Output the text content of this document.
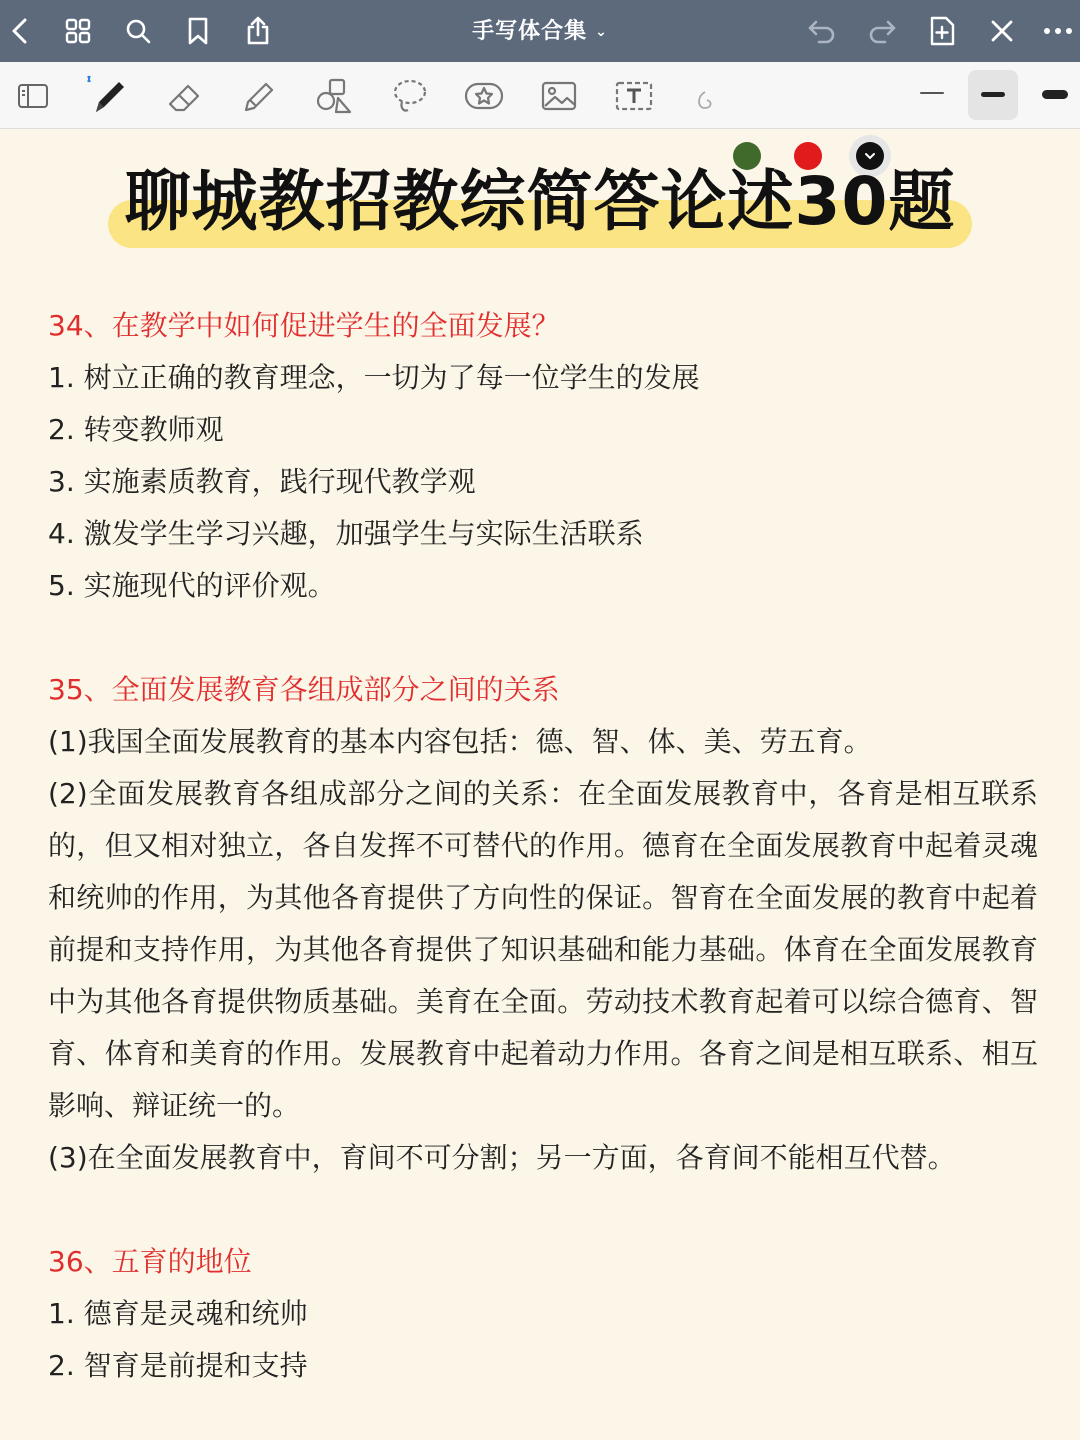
手写体合集 ⌄
聊城教招教综简答论述30题
34、在教学中如何促进学生的全面发展？
1. 树立正确的教育理念，一切为了每一位学生的发展
2. 转变教师观
3. 实施素质教育，践行现代教学观
4. 激发学生学习兴趣，加强学生与实际生活联系
5. 实施现代的评价观。
35、全面发展教育各组成部分之间的关系
(1)我国全面发展教育的基本内容包括：德、智、体、美、劳五育。
(2)全面发展教育各组成部分之间的关系：在全面发展教育中，各育是相互联系的，但又相对独立，各自发挥不可替代的作用。德育在全面发展教育中起着灵魂和统帅的作用，为其他各育提供了方向性的保证。智育在全面发展的教育中起着前提和支持作用，为其他各育提供了知识基础和能力基础。体育在全面发展教育中为其他各育提供物质基础。美育在全面。劳动技术教育起着可以综合德育、智育、体育和美育的作用。发展教育中起着动力作用。各育之间是相互联系、相互影响、辩证统一的。
(3)在全面发展教育中，育间不可分割；另一方面，各育间不能相互代替。
36、五育的地位
1. 德育是灵魂和统帅
2. 智育是前提和支持
